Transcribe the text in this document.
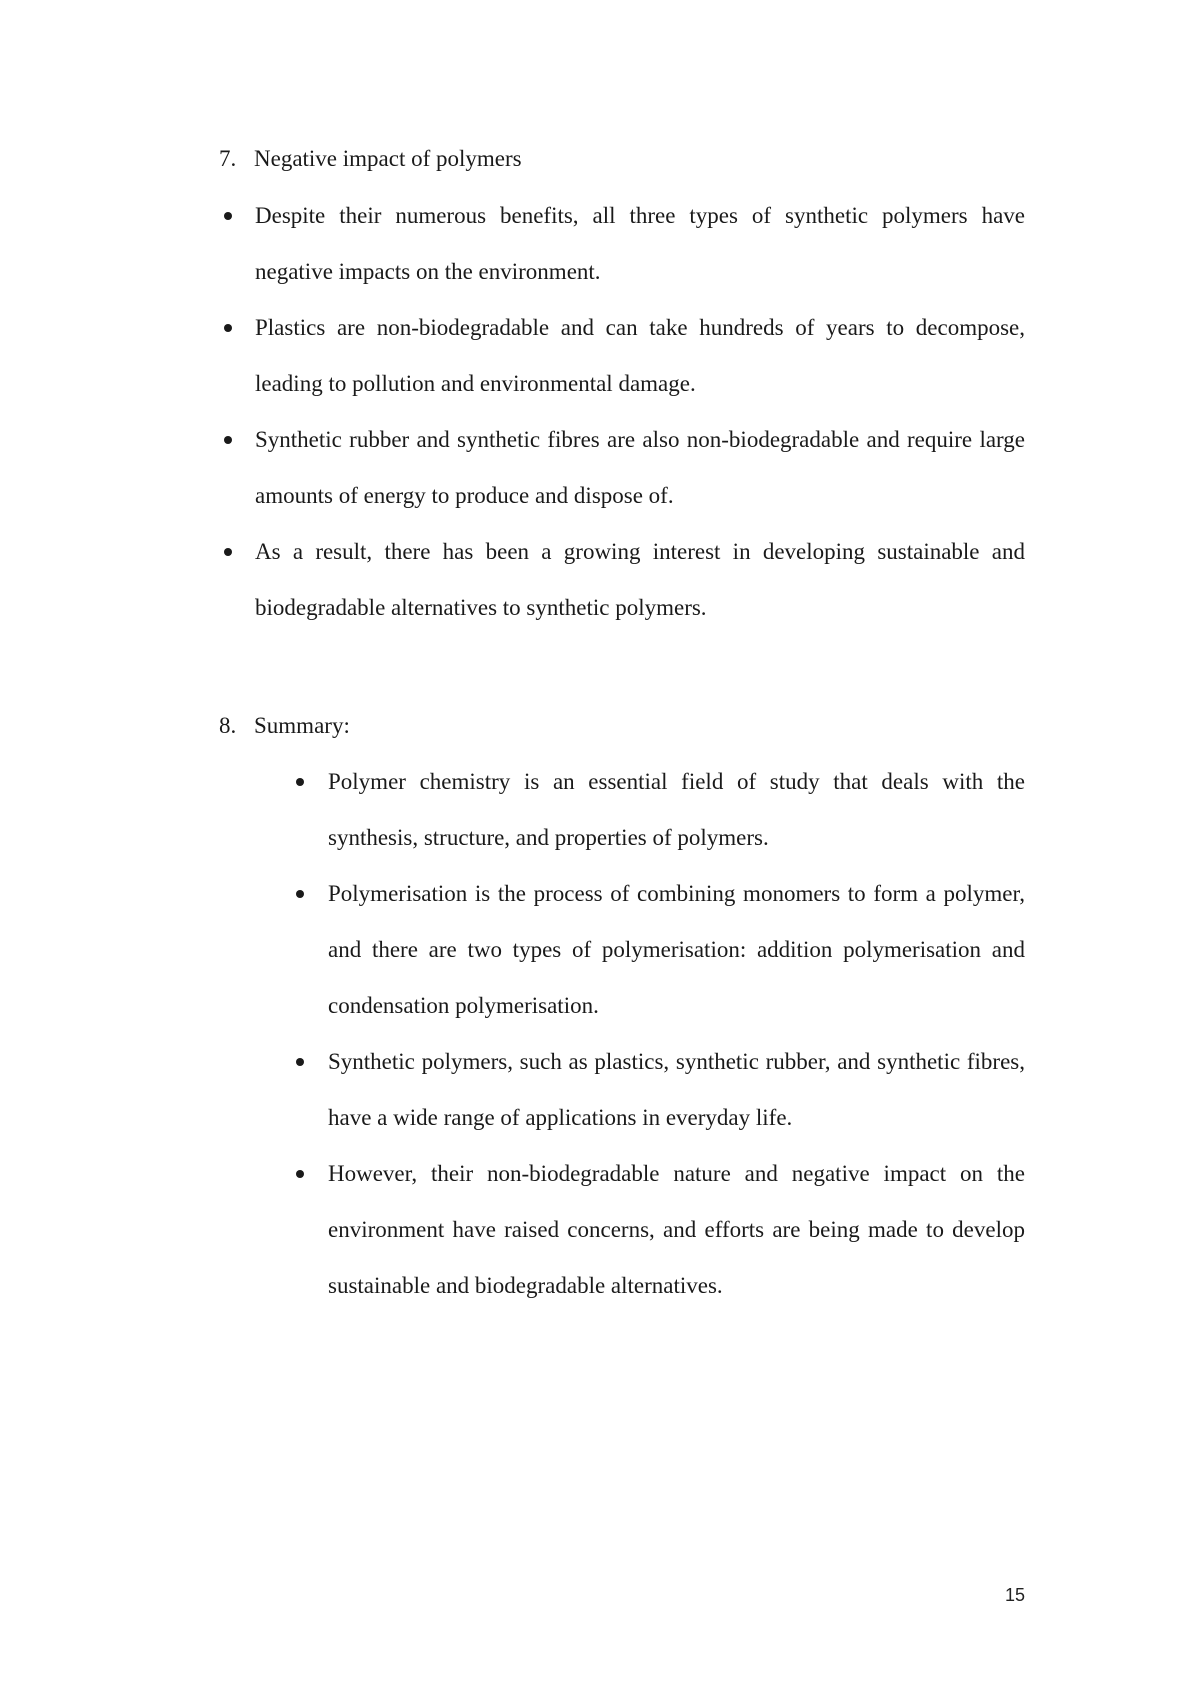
7. Negative impact of polymers
Despite their numerous benefits, all three types of synthetic polymers have negative impacts on the environment.
Plastics are non-biodegradable and can take hundreds of years to decompose, leading to pollution and environmental damage.
Synthetic rubber and synthetic fibres are also non-biodegradable and require large amounts of energy to produce and dispose of.
As a result, there has been a growing interest in developing sustainable and biodegradable alternatives to synthetic polymers.
8. Summary:
Polymer chemistry is an essential field of study that deals with the synthesis, structure, and properties of polymers.
Polymerisation is the process of combining monomers to form a polymer, and there are two types of polymerisation: addition polymerisation and condensation polymerisation.
Synthetic polymers, such as plastics, synthetic rubber, and synthetic fibres, have a wide range of applications in everyday life.
However, their non-biodegradable nature and negative impact on the environment have raised concerns, and efforts are being made to develop sustainable and biodegradable alternatives.
15
